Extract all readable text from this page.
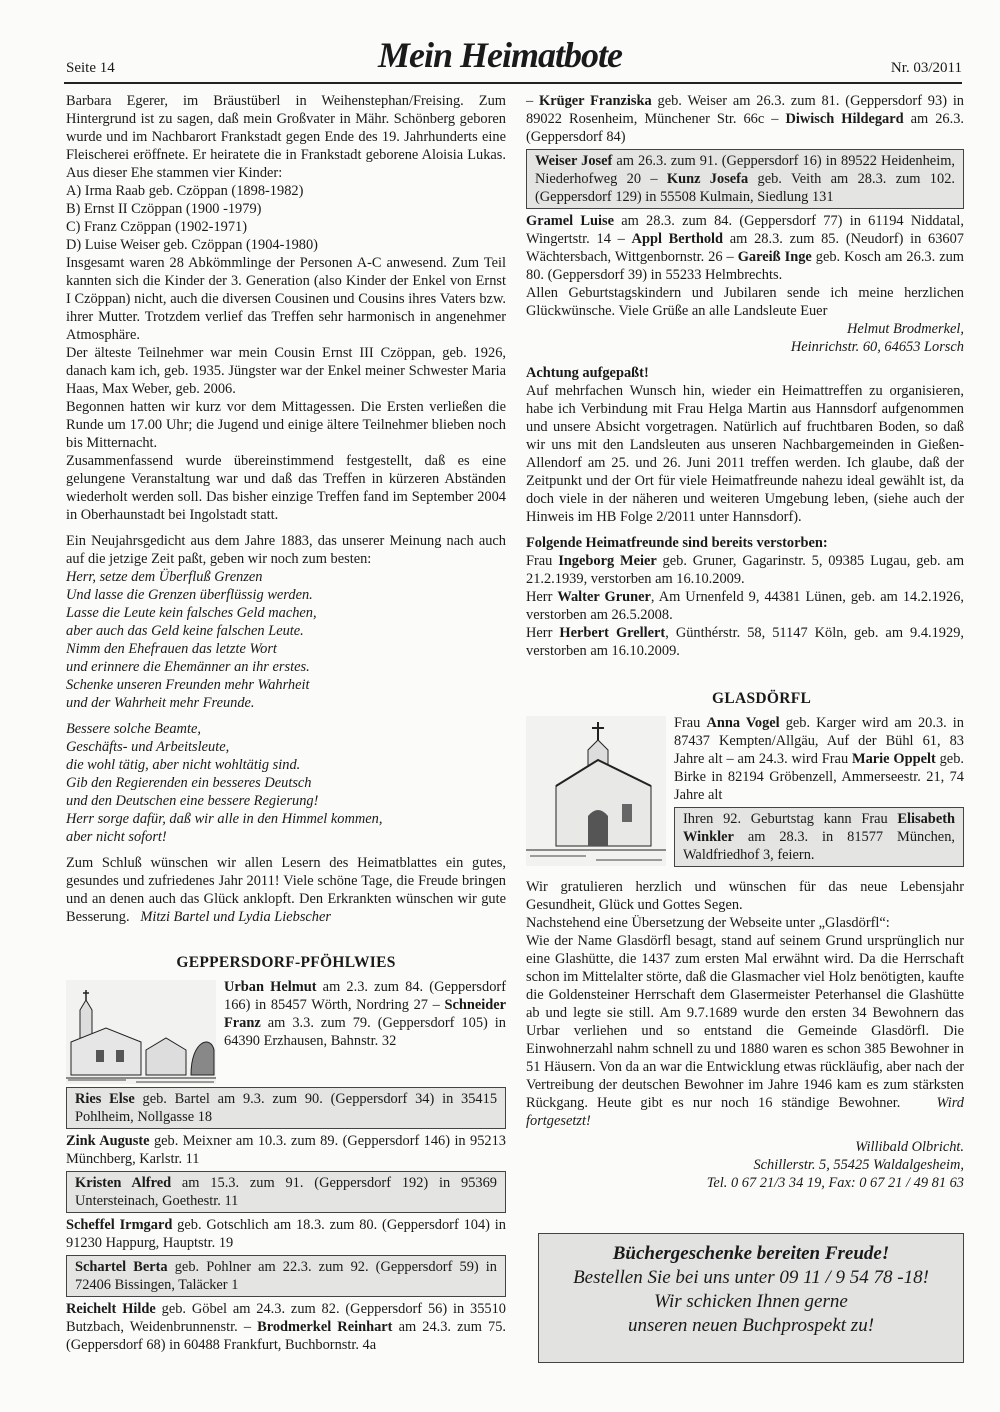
Seite 14	Mein Heimatbote	Nr. 03/2011

Barbara Egerer, im Bräustüberl in Weihenstephan/Freising. Zum Hintergrund ist zu sagen, daß mein Großvater in Mähr. Schönberg geboren wurde und im Nachbarort Frankstadt gegen Ende des 19. Jahrhunderts eine Fleischerei eröffnete. Er heiratete die in Frankstadt geborene Aloisia Lukas. Aus dieser Ehe stammen vier Kinder:

A) Irma Raab geb. Czöppan (1898-1982)

B) Ernst II Czöppan (1900 -1979)

C) Franz Czöppan (1902-1971)

D) Luise Weiser geb. Czöppan (1904-1980)

Insgesamt waren 28 Abkömmlinge der Personen A-C anwesend. Zum Teil kannten sich die Kinder der 3. Generation (also Kinder der Enkel von Ernst I Czöppan) nicht, auch die diversen Cousinen und Cousins ihres Vaters bzw. ihrer Mutter. Trotzdem verlief das Treffen sehr harmonisch in angenehmer Atmosphäre.

Der älteste Teilnehmer war mein Cousin Ernst III Czöppan, geb. 1926, danach kam ich, geb. 1935. Jüngster war der Enkel meiner Schwester Maria Haas, Max Weber, geb. 2006.

Begonnen hatten wir kurz vor dem Mittagessen. Die Ersten verließen die Runde um 17.00 Uhr; die Jugend und einige ältere Teilnehmer blieben noch bis Mitternacht.

Zusammenfassend wurde übereinstimmend festgestellt, daß es eine gelungene Veranstaltung war und daß das Treffen in kürzeren Abständen wiederholt werden soll. Das bisher einzige Treffen fand im September 2004 in Oberhaunstadt bei Ingolstadt statt.

Ein Neujahrsgedicht aus dem Jahre 1883, das unserer Meinung nach auch auf die jetzige Zeit paßt, geben wir noch zum besten:

Herr, setze dem Überfluß Grenzen

Und lasse die Grenzen überflüssig werden.

Lasse die Leute kein falsches Geld machen,

aber auch das Geld keine falschen Leute.

Nimm den Ehefrauen das letzte Wort

und erinnere die Ehemänner an ihr erstes.

Schenke unseren Freunden mehr Wahrheit

und der Wahrheit mehr Freunde.

Bessere solche Beamte,

Geschäfts- und Arbeitsleute,

die wohl tätig, aber nicht wohltätig sind.

Gib den Regierenden ein besseres Deutsch

und den Deutschen eine bessere Regierung!

Herr sorge dafür, daß wir alle in den Himmel kommen,

aber nicht sofort!

Zum Schluß wünschen wir allen Lesern des Heimatblattes ein gutes, gesundes und zufriedenes Jahr 2011! Viele schöne Tage, die Freude bringen und an denen auch das Glück anklopft. Den Erkrankten wünschen wir gute Besserung. Mitzi Bartel und Lydia Liebscher

GEPPERSDORF-PFÖHLWIES

Urban Helmut am 2.3. zum 84. (Geppersdorf 166) in 85457 Wörth, Nordring 27 – Schneider Franz am 3.3. zum 79. (Geppersdorf 105) in 64390 Erzhausen, Bahnstr. 32

Ries Else geb. Bartel am 9.3. zum 90. (Geppersdorf 34) in 35415 Pohlheim, Nollgasse 18

Zink Auguste geb. Meixner am 10.3. zum 89. (Geppersdorf 146) in 95213 Münchberg, Karlstr. 11

Kristen Alfred am 15.3. zum 91. (Geppersdorf 192) in 95369 Untersteinach, Goethestr. 11

Scheffel Irmgard geb. Gotschlich am 18.3. zum 80. (Geppersdorf 104) in 91230 Happurg, Hauptstr. 19

Schartel Berta geb. Pohlner am 22.3. zum 92. (Geppersdorf 59) in 72406 Bissingen, Taläcker 1

Reichelt Hilde geb. Göbel am 24.3. zum 82. (Geppersdorf 56) in 35510 Butzbach, Weidenbrunnenstr. – Brodmerkel Reinhart am 24.3. zum 75. (Geppersdorf 68) in 60488 Frankfurt, Buchbornstr. 4a

– Krüger Franziska geb. Weiser am 26.3. zum 81. (Geppersdorf 93) in 89022 Rosenheim, Münchener Str. 66c – Diwisch Hildegard am 26.3. (Geppersdorf 84)

Weiser Josef am 26.3. zum 91. (Geppersdorf 16) in 89522 Heidenheim, Niederhofweg 20 – Kunz Josefa geb. Veith am 28.3. zum 102. (Geppersdorf 129) in 55508 Kulmain, Siedlung 131

Gramel Luise am 28.3. zum 84. (Geppersdorf 77) in 61194 Niddatal, Wingertstr. 14 – Appl Berthold am 28.3. zum 85. (Neudorf) in 63607 Wächtersbach, Wittgenbornstr. 26 – Gareiß Inge geb. Kosch am 26.3. zum 80. (Geppersdorf 39) in 55233 Helmbrechts.

Allen Geburtstagskindern und Jubilaren sende ich meine herzlichen Glückwünsche. Viele Grüße an alle Landsleute Euer

Helmut Brodmerkel,

Heinrichstr. 60, 64653 Lorsch

Achtung aufgepaßt!

Auf mehrfachen Wunsch hin, wieder ein Heimattreffen zu organisieren, habe ich Verbindung mit Frau Helga Martin aus Hannsdorf aufgenommen und unsere Absicht vorgetragen. Natürlich auf fruchtbaren Boden, so daß wir uns mit den Landsleuten aus unseren Nachbargemeinden in Gießen-Allendorf am 25. und 26. Juni 2011 treffen werden. Ich glaube, daß der Zeitpunkt und der Ort für viele Heimatfreunde nahezu ideal gewählt ist, da doch viele in der näheren und weiteren Umgebung leben, (siehe auch der Hinweis im HB Folge 2/2011 unter Hannsdorf).

Folgende Heimatfreunde sind bereits verstorben:

Frau Ingeborg Meier geb. Gruner, Gagarinstr. 5, 09385 Lugau, geb. am 21.2.1939, verstorben am 16.10.2009.

Herr Walter Gruner, Am Urnenfeld 9, 44381 Lünen, geb. am 14.2.1926, verstorben am 26.5.2008.

Herr Herbert Grellert, Günthérstr. 58, 51147 Köln, geb. am 9.4.1929, verstorben am 16.10.2009.

GLASDÖRFL

Frau Anna Vogel geb. Karger wird am 20.3. in 87437 Kempten/Allgäu, Auf der Bühl 61, 83 Jahre alt – am 24.3. wird Frau Marie Oppelt geb. Birke in 82194 Gröbenzell, Ammerseestr. 21, 74 Jahre alt

Ihren 92. Geburtstag kann Frau Elisabeth Winkler am 28.3. in 81577 München, Waldfriedhof 3, feiern.

Wir gratulieren herzlich und wünschen für das neue Lebensjahr Gesundheit, Glück und Gottes Segen.

Nachstehend eine Übersetzung der Webseite unter „Glasdörfl“:

Wie der Name Glasdörfl besagt, stand auf seinem Grund ursprünglich nur eine Glashütte, die 1437 zum ersten Mal erwähnt wird. Da die Herrschaft schon im Mittelalter störte, daß die Glasmacher viel Holz benötigten, kaufte die Goldensteiner Herrschaft dem Glasermeister Peterhansel die Glashütte ab und legte sie still. Am 9.7.1689 wurde den ersten 34 Bewohnern das Urbar verliehen und so entstand die Gemeinde Glasdörfl. Die Einwohnerzahl nahm schnell zu und 1880 waren es schon 385 Bewohner in 51 Häusern. Von da an war die Entwicklung etwas rückläufig, aber nach der Vertreibung der deutschen Bewohner im Jahre 1946 kam es zum stärksten Rückgang. Heute gibt es nur noch 16 ständige Bewohner.	Wird fortgesetzt!

Willibald Olbricht.

Schillerstr. 5, 55425 Waldalgesheim,

Tel. 0 67 21/3 34 19, Fax: 0 67 21 / 49 81 63

Büchergeschenke bereiten Freude!
Bestellen Sie bei uns unter 09 11 / 9 54 78 -18!
Wir schicken Ihnen gerne
unseren neuen Buchprospekt zu!
